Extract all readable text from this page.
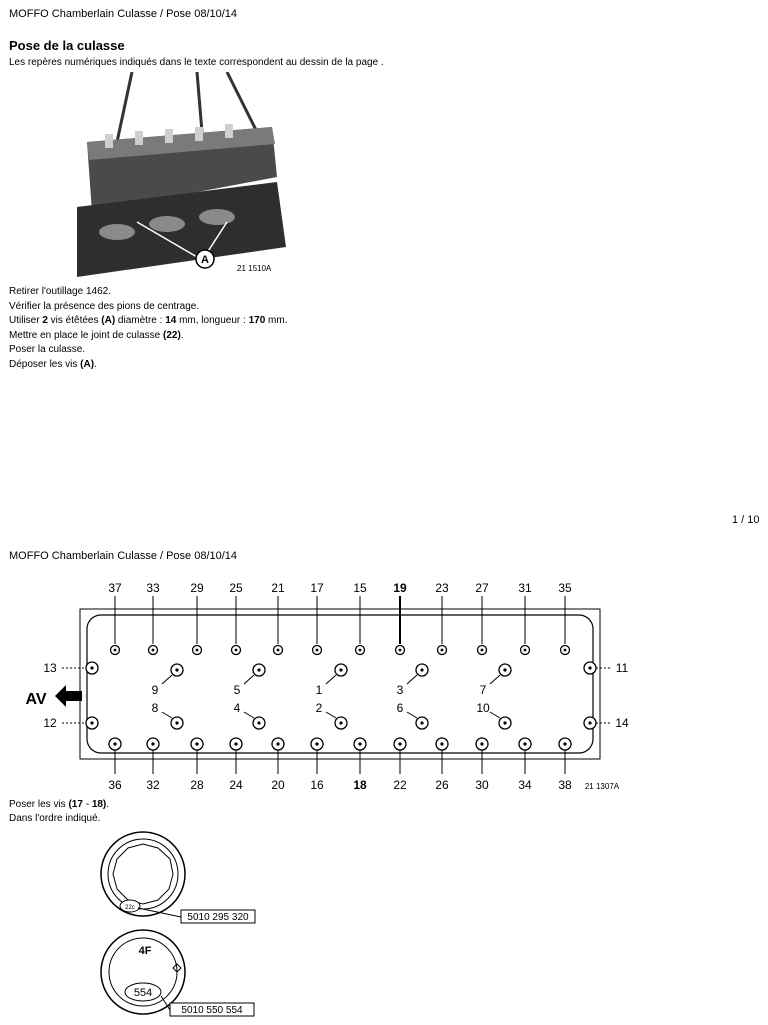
MOFFO Chamberlain Culasse / Pose 08/10/14
Pose de la culasse
Les repères numériques indiqués dans le texte correspondent au dessin de la page .
A
21 1510A
Retirer l'outillage 1462.
Vérifier la présence des pions de centrage.
Utiliser 2 vis étêtées (A) diamètre : 14 mm, longueur : 170 mm.
Mettre en place le joint de culasse (22).
Poser la culasse.
Déposer les vis (A).
1 / 10
MOFFO Chamberlain Culasse / Pose 08/10/14
37 33	29 25 21 17 15 19 23 27 31 35
36 32	28 24 20 16 18 22 26 30 34 38
9	5	1	3	7
8	4	2	6	10
13
12
11
14
AV
21 1307A
Poser les vis (17 - 18).
Dans l'ordre indiqué.
22c
5010 295 320
4F
554
5010 550 554
